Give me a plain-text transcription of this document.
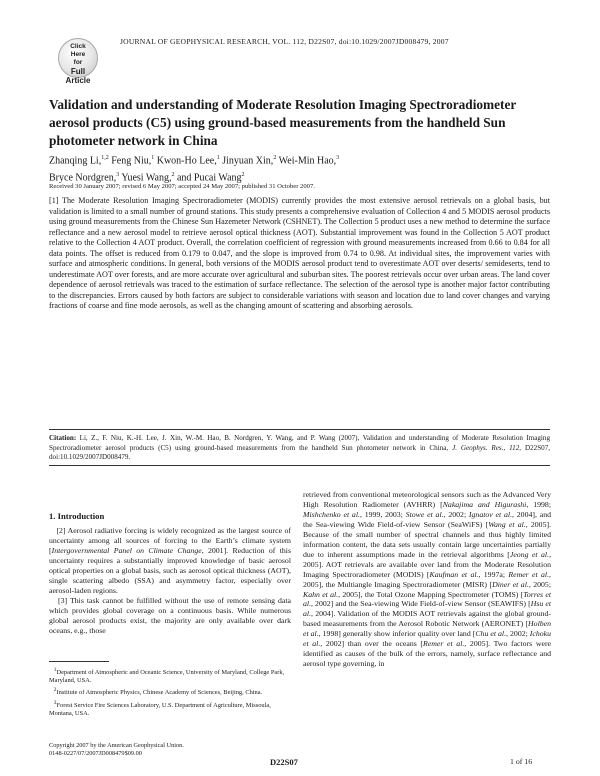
Click
Here
for
Full Article
JOURNAL OF GEOPHYSICAL RESEARCH, VOL. 112, D22S07, doi:10.1029/2007JD008479, 2007
Validation and understanding of Moderate Resolution Imaging Spectroradiometer aerosol products (C5) using ground-based measurements from the handheld Sun photometer network in China
Zhanqing Li,$^{1,2}$ Feng Niu,$^1$ Kwon-Ho Lee,$^1$ Jinyuan Xin,$^2$ Wei-Min Hao,$^3$
Bryce Nordgren,$^3$ Yuesi Wang,$^2$ and Pucai Wang$^2$
Received 30 January 2007; revised 6 May 2007; accepted 24 May 2007; published 31 October 2007.

[1] The Moderate Resolution Imaging Spectroradiometer (MODIS) currently provides the most extensive aerosol retrievals on a global basis, but validation is limited to a small number of ground stations. This study presents a comprehensive evaluation of Collection 4 and 5 MODIS aerosol products using ground measurements from the Chinese Sun Hazemeter Network (CSHNET). The Collection 5 product uses a new method to determine the surface reflectance and a new aerosol model to retrieve aerosol optical thickness (AOT). Substantial improvement was found in the Collection 5 AOT product relative to the Collection 4 AOT product. Overall, the correlation coefficient of regression with ground measurements increased from 0.66 to 0.84 for all data points. The offset is reduced from 0.179 to 0.047, and the slope is improved from 0.74 to 0.98. At individual sites, the improvement varies with surface and atmospheric conditions. In general, both versions of the MODIS aerosol product tend to overestimate AOT over deserts/ semideserts, tend to underestimate AOT over forests, and are more accurate over agricultural and suburban sites. The poorest retrievals occur over urban areas. The land cover dependence of aerosol retrievals was traced to the estimation of surface reflectance. The selection of the aerosol type is another major factor contributing to the discrepancies. Errors caused by both factors are subject to considerable variations with season and location due to land cover changes and varying fractions of coarse and fine mode aerosols, as well as the changing amount of scattering and absorbing aerosols.

Citation: Li, Z., F. Niu, K.-H. Lee, J. Xin, W.-M. Hao, B. Nordgren, Y. Wang, and P. Wang (2007), Validation and understanding of Moderate Resolution Imaging Spectroradiometer aerosol products (C5) using ground-based measurements from the handheld Sun photometer network in China, J. Geophys. Res., 112, D22S07, doi:10.1029/2007JD008479.

1. Introduction

[2] Aerosol radiative forcing is widely recognized as the largest source of uncertainty among all sources of forcing to the Earth’s climate system [Intergovernmental Panel on Climate Change, 2001]. Reduction of this uncertainty requires a substantially improved knowledge of basic aerosol optical properties on a global basis, such as aerosol optical thickness (AOT), single scattering albedo (SSA) and asymmetry factor, especially over aerosol-laden regions.

[3] This task cannot be fulfilled without the use of remote sensing data which provides global coverage on a continuous basis. While numerous global aerosol products exist, the majority are only available over dark oceans, e.g., those

$^1$Department of Atmospheric and Oceanic Science, University of Maryland, College Park, Maryland, USA.

$^2$Institute of Atmospheric Physics, Chinese Academy of Sciences, Beijing, China.

$^3$Forest Service Fire Sciences Laboratory, U.S. Department of Agriculture, Missoula, Montana, USA.

Copyright 2007 by the American Geophysical Union.
0148-0227/07/2007JD008479$09.00

retrieved from conventional meteorological sensors such as the Advanced Very High Resolution Radiometer (AVHRR) [Nakajima and Higurashi, 1998; Mishchenko et al., 1999, 2003; Stowe et al., 2002; Ignatov et al., 2004], and the Sea-viewing Wide Field-of-view Sensor (SeaWiFS) [Wang et al., 2005]. Because of the small number of spectral channels and thus highly limited information content, the data sets usually contain large uncertainties partially due to inherent assumptions made in the retrieval algorithms [Jeong et al., 2005]. AOT retrievals are available over land from the Moderate Resolution Imaging Spectroradiometer (MODIS) [Kaufman et al., 1997a; Remer et al., 2005], the Multiangle Imaging Spectroradiometer (MISR) [Diner et al., 2005; Kahn et al., 2005], the Total Ozone Mapping Spectrometer (TOMS) [Torres et al., 2002] and the Sea-viewing Wide Field-of-view Sensor (SEAWIFS) [Hsu et al., 2004]. Validation of the MODIS AOT retrievals against the global ground-based measurements from the Aerosol Robotic Network (AERONET) [Holben et al., 1998] generally show inferior quality over land [Chu et al., 2002; Ichoku et al., 2002] than over the oceans [Remer et al., 2005]. Two factors were identified as causes of the bulk of the errors, namely, surface reflectance and aerosol type governing, in

D22S07	1 of 16
